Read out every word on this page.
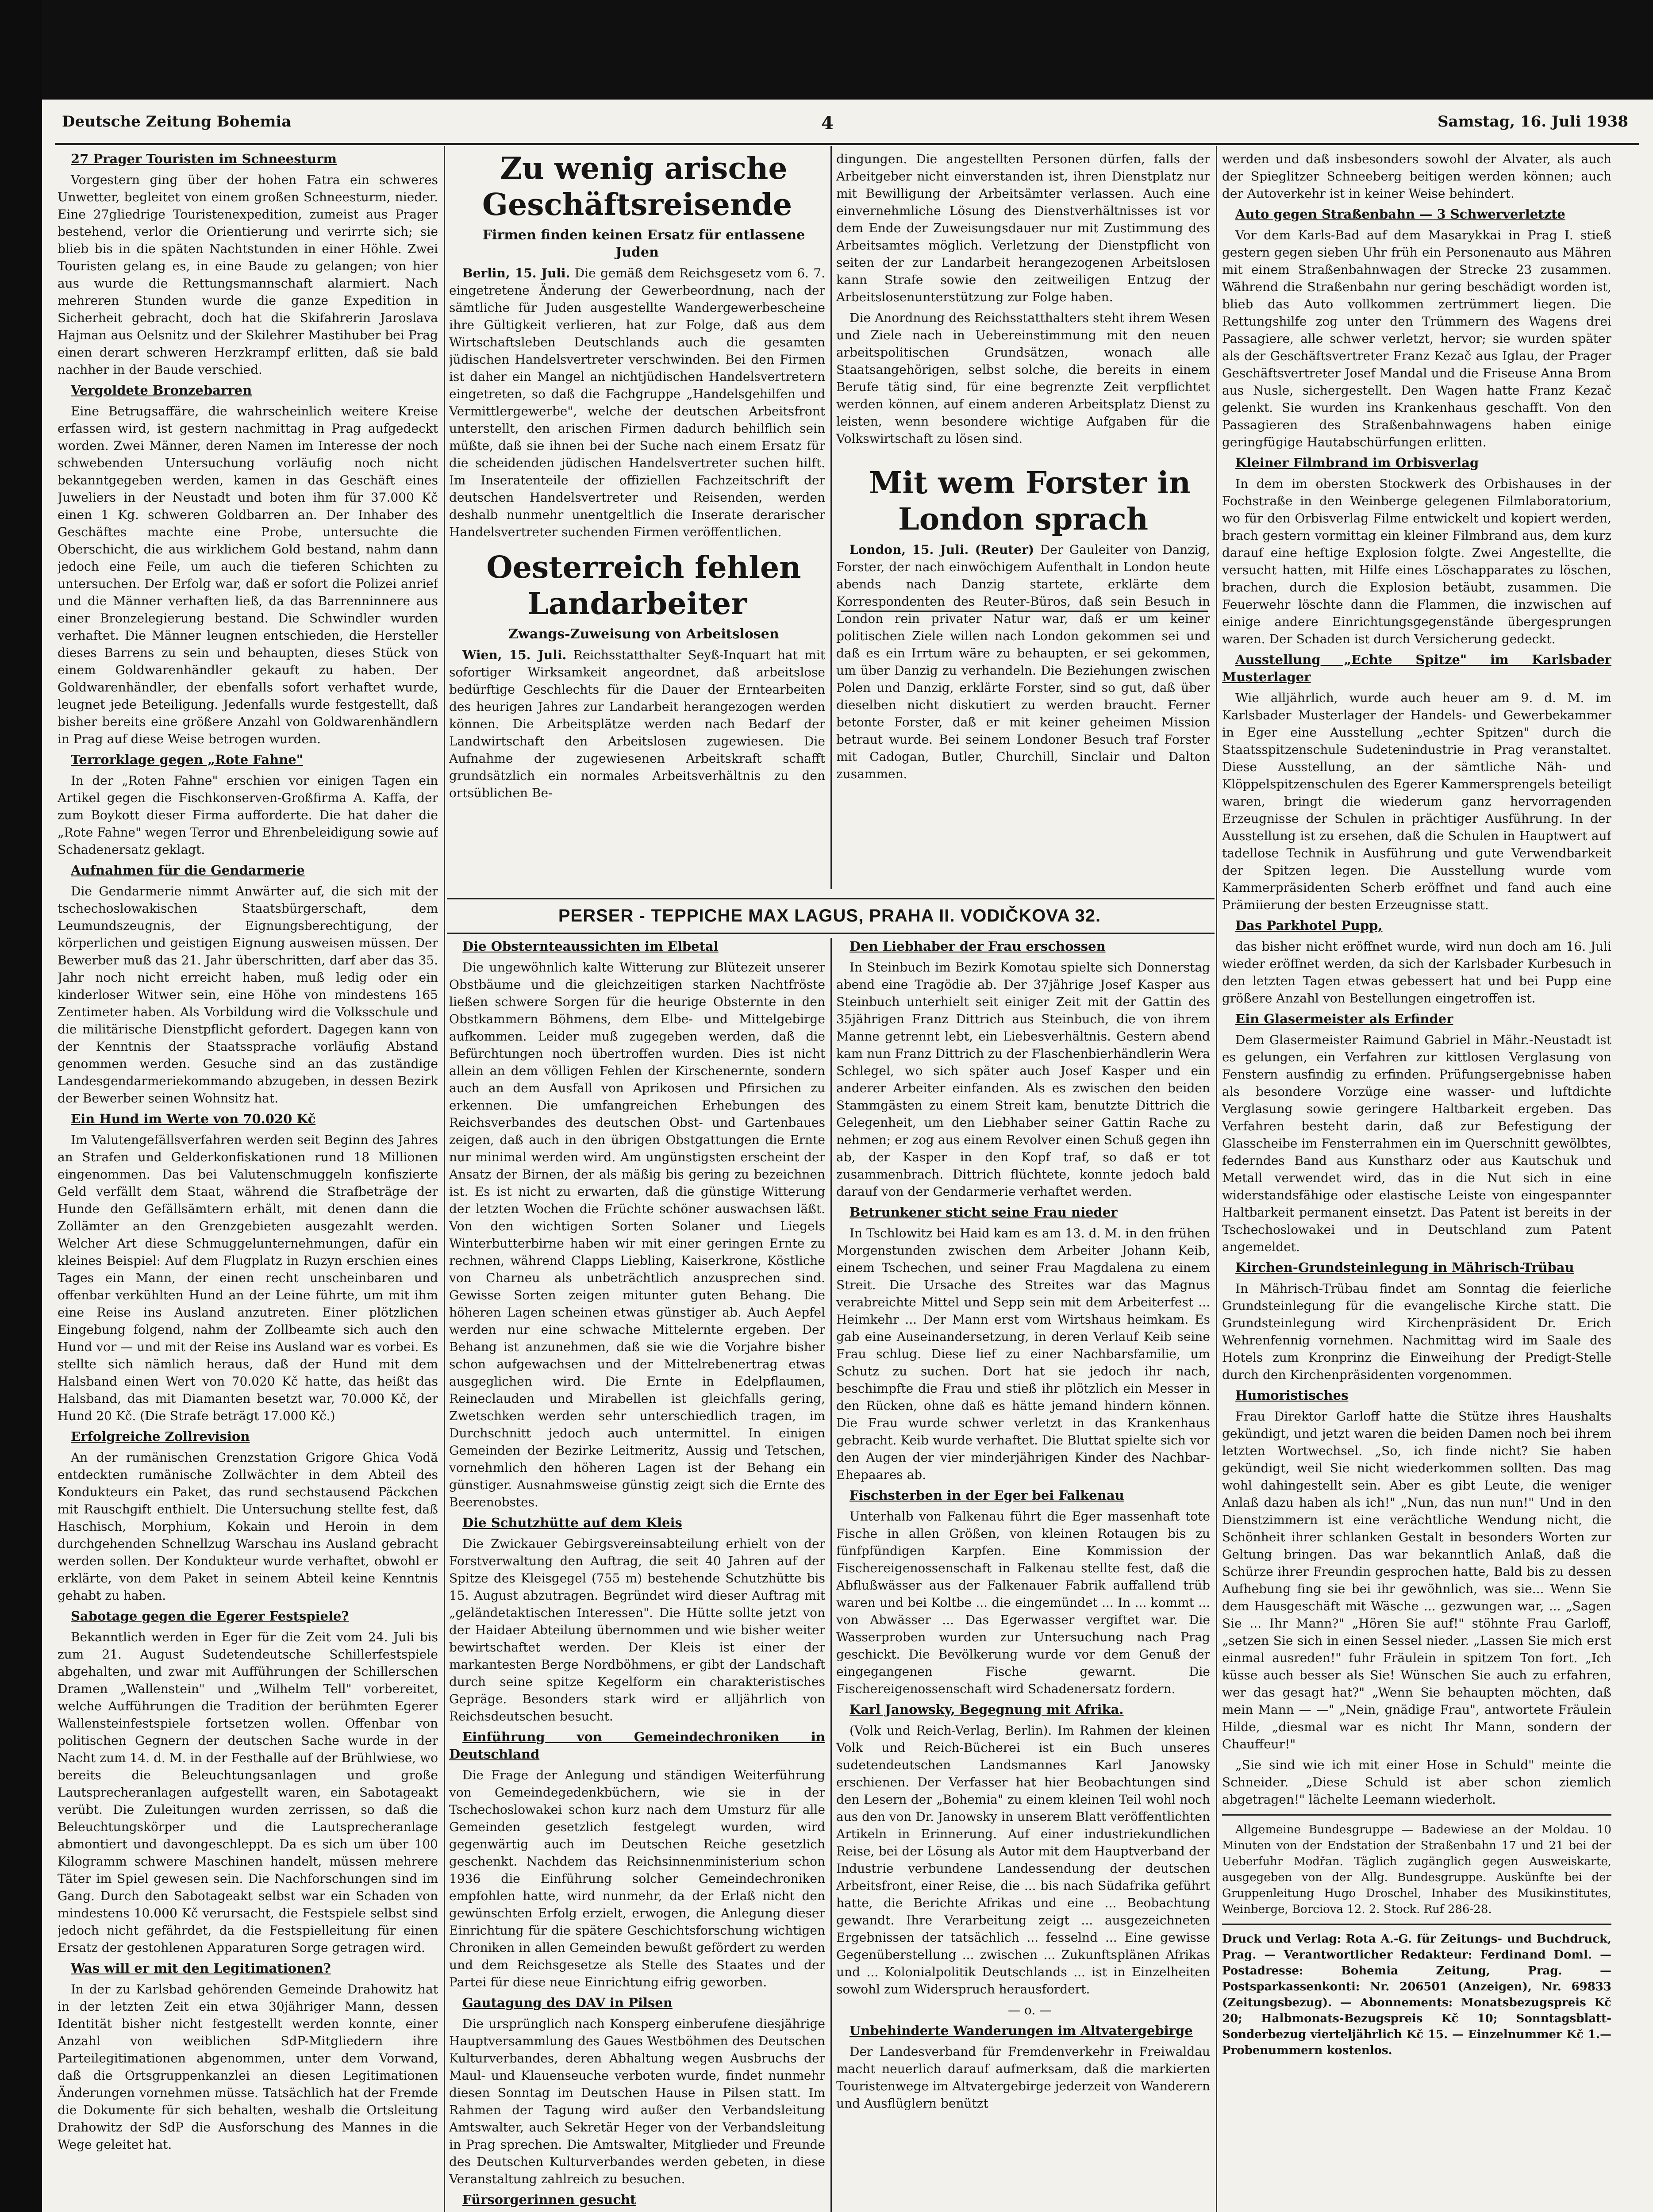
Deutsche Zeitung Bohemia	4	Samstag, 16. Juli 1938

27 Prager Touristen im Schneesturm

Vorgestern ging über der hohen Fatra ein schweres Unwetter, begleitet von einem großen Schneesturm, nieder. Eine 27gliedrige Touristenexpedition, zumeist aus Prager bestehend, verlor die Orientierung und verirrte sich; sie blieb bis in die späten Nachtstunden in einer Höhle. Zwei Touristen gelang es, in eine Baude zu gelangen; von hier aus wurde die Rettungsmannschaft alarmiert. Nach mehreren Stunden wurde die ganze Expedition in Sicherheit gebracht, doch hat die Skifahrerin Jaroslava Hajman aus Oelsnitz und der Skilehrer Mastihuber bei Prag einen derart schweren Herzkrampf erlitten, daß sie bald nachher in der Baude verschied.

Vergoldete Bronzebarren

Eine Betrugsaffäre, die wahrscheinlich weitere Kreise erfassen wird, ist gestern nachmittag in Prag aufgedeckt worden. Zwei Männer, deren Namen im Interesse der noch schwebenden Untersuchung vorläufig noch nicht bekanntgegeben werden, kamen in das Geschäft eines Juweliers in der Neustadt und boten ihm für 37.000 Kč einen 1 Kg. schweren Goldbarren an. Der Inhaber des Geschäftes machte eine Probe, untersuchte die Oberschicht, die aus wirklichem Gold bestand, nahm dann jedoch eine Feile, um auch die tieferen Schichten zu untersuchen. Der Erfolg war, daß er sofort die Polizei anrief und die Männer verhaften ließ, da das Barrenninnere aus einer Bronzelegierung bestand. Die Schwindler wurden verhaftet. Die Männer leugnen entschieden, die Hersteller dieses Barrens zu sein und behaupten, dieses Stück von einem Goldwarenhändler gekauft zu haben. Der Goldwarenhändler, der ebenfalls sofort verhaftet wurde, leugnet jede Beteiligung. Jedenfalls wurde festgestellt, daß bisher bereits eine größere Anzahl von Goldwarenhändlern in Prag auf diese Weise betrogen wurden.

Terrorklage gegen „Rote Fahne"

In der „Roten Fahne" erschien vor einigen Tagen ein Artikel gegen die Fischkonserven-Großfirma A. Kaffa, der zum Boykott dieser Firma aufforderte. Die hat daher die „Rote Fahne" wegen Terror und Ehrenbeleidigung sowie auf Schadenersatz geklagt.

Aufnahmen für die Gendarmerie

Die Gendarmerie nimmt Anwärter auf, die sich mit der tschechoslowakischen Staatsbürgerschaft, dem Leumundszeugnis, der Eignungsberechtigung, der körperlichen und geistigen Eignung ausweisen müssen. Der Bewerber muß das 21. Jahr überschritten, darf aber das 35. Jahr noch nicht erreicht haben, muß ledig oder ein kinderloser Witwer sein, eine Höhe von mindestens 165 Zentimeter haben. Als Vorbildung wird die Volksschule und die militärische Dienstpflicht gefordert. Dagegen kann von der Kenntnis der Staatssprache vorläufig Abstand genommen werden. Gesuche sind an das zuständige Landesgendarmeriekommando abzugeben, in dessen Bezirk der Bewerber seinen Wohnsitz hat.

Ein Hund im Werte von 70.020 Kč

Im Valutengefällsverfahren werden seit Beginn des Jahres an Strafen und Gelderkonfiskationen rund 18 Millionen eingenommen. Das bei Valutenschmuggeln konfiszierte Geld verfällt dem Staat, während die Strafbeträge der Hunde den Gefällsämtern erhält, mit denen dann die Zollämter an den Grenzgebieten ausgezahlt werden. Welcher Art diese Schmuggelunternehmungen, dafür ein kleines Beispiel: Auf dem Flugplatz in Ruzyn erschien eines Tages ein Mann, der einen recht unscheinbaren und offenbar verkühlten Hund an der Leine führte, um mit ihm eine Reise ins Ausland anzutreten. Einer plötzlichen Eingebung folgend, nahm der Zollbeamte sich auch den Hund vor — und mit der Reise ins Ausland war es vorbei. Es stellte sich nämlich heraus, daß der Hund mit dem Halsband einen Wert von 70.020 Kč hatte, das heißt das Halsband, das mit Diamanten besetzt war, 70.000 Kč, der Hund 20 Kč. (Die Strafe beträgt 17.000 Kč.)

Erfolgreiche Zollrevision

An der rumänischen Grenzstation Grigore Ghica Vodă entdeckten rumänische Zollwächter in dem Abteil des Kondukteurs ein Paket, das rund sechstausend Päckchen mit Rauschgift enthielt. Die Untersuchung stellte fest, daß Haschisch, Morphium, Kokain und Heroin in dem durchgehenden Schnellzug Warschau ins Ausland gebracht werden sollen. Der Kondukteur wurde verhaftet, obwohl er erklärte, von dem Paket in seinem Abteil keine Kenntnis gehabt zu haben.

Sabotage gegen die Egerer Festspiele?

Bekanntlich werden in Eger für die Zeit vom 24. Juli bis zum 21. August Sudetendeutsche Schillerfestspiele abgehalten, und zwar mit Aufführungen der Schillerschen Dramen „Wallenstein" und „Wilhelm Tell" vorbereitet, welche Aufführungen die Tradition der berühmten Egerer Wallensteinfestspiele fortsetzen wollen. Offenbar von politischen Gegnern der deutschen Sache wurde in der Nacht zum 14. d. M. in der Festhalle auf der Brühlwiese, wo bereits die Beleuchtungsanlagen und große Lautsprecheranlagen aufgestellt waren, ein Sabotageakt verübt. Die Zuleitungen wurden zerrissen, so daß die Beleuchtungskörper und die Lautsprecheranlage abmontiert und davongeschleppt. Da es sich um über 100 Kilogramm schwere Maschinen handelt, müssen mehrere Täter im Spiel gewesen sein. Die Nachforschungen sind im Gang. Durch den Sabotageakt selbst war ein Schaden von mindestens 10.000 Kč verursacht, die Festspiele selbst sind jedoch nicht gefährdet, da die Festspielleitung für einen Ersatz der gestohlenen Apparaturen Sorge getragen wird.

Was will er mit den Legitimationen?

In der zu Karlsbad gehörenden Gemeinde Drahowitz hat in der letzten Zeit ein etwa 30jähriger Mann, dessen Identität bisher nicht festgestellt werden konnte, einer Anzahl von weiblichen SdP-Mitgliedern ihre Parteilegitimationen abgenommen, unter dem Vorwand, daß die Ortsgruppenkanzlei an diesen Legitimationen Änderungen vornehmen müsse. Tatsächlich hat der Fremde die Dokumente für sich behalten, weshalb die Ortsleitung Drahowitz der SdP die Ausforschung des Mannes in die Wege geleitet hat.

Zu wenig arische Geschäftsreisende

Firmen finden keinen Ersatz für entlassene Juden

Berlin, 15. Juli. Die gemäß dem Reichsgesetz vom 6. 7. eingetretene Änderung der Gewerbeordnung, nach der sämtliche für Juden ausgestellte Wandergewerbescheine ihre Gültigkeit verlieren, hat zur Folge, daß aus dem Wirtschaftsleben Deutschlands auch die gesamten jüdischen Handelsvertreter verschwinden. Bei den Firmen ist daher ein Mangel an nichtjüdischen Handelsvertretern eingetreten, so daß die Fachgruppe „Handelsgehilfen und Vermittlergewerbe", welche der deutschen Arbeitsfront unterstellt, den arischen Firmen dadurch behilflich sein müßte, daß sie ihnen bei der Suche nach einem Ersatz für die scheidenden jüdischen Handelsvertreter suchen hilft. Im Inseratenteile der offiziellen Fachzeitschrift der deutschen Handelsvertreter und Reisenden, werden deshalb nunmehr unentgeltlich die Inserate derarischer Handelsvertreter suchenden Firmen veröffentlichen.

Oesterreich fehlen Landarbeiter

Zwangs-Zuweisung von Arbeitslosen

Wien, 15. Juli. Reichsstatthalter Seyß-Inquart hat mit sofortiger Wirksamkeit angeordnet, daß arbeitslose bedürftige Geschlechts für die Dauer der Erntearbeiten des heurigen Jahres zur Landarbeit herangezogen werden können. Die Arbeitsplätze werden nach Bedarf der Landwirtschaft den Arbeitslosen zugewiesen. Die Aufnahme der zugewiesenen Arbeitskraft schafft grundsätzlich ein normales Arbeitsverhältnis zu den ortsüblichen Be-

dingungen. Die angestellten Personen dürfen, falls der Arbeitgeber nicht einverstanden ist, ihren Dienstplatz nur mit Bewilligung der Arbeitsämter verlassen. Auch eine einvernehmliche Lösung des Dienstverhältnisses ist vor dem Ende der Zuweisungsdauer nur mit Zustimmung des Arbeitsamtes möglich. Verletzung der Dienstpflicht von seiten der zur Landarbeit herangezogenen Arbeitslosen kann Strafe sowie den zeitweiligen Entzug der Arbeitslosenunterstützung zur Folge haben.

Die Anordnung des Reichsstatthalters steht ihrem Wesen und Ziele nach in Uebereinstimmung mit den neuen arbeitspolitischen Grundsätzen, wonach alle Staatsangehörigen, selbst solche, die bereits in einem Berufe tätig sind, für eine begrenzte Zeit verpflichtet werden können, auf einem anderen Arbeitsplatz Dienst zu leisten, wenn besondere wichtige Aufgaben für die Volkswirtschaft zu lösen sind.

Mit wem Forster in London sprach

London, 15. Juli. (Reuter) Der Gauleiter von Danzig, Forster, der nach einwöchigem Aufenthalt in London heute abends nach Danzig startete, erklärte dem Korrespondenten des Reuter-Büros, daß sein Besuch in London rein privater Natur war, daß er um keiner politischen Ziele willen nach London gekommen sei und daß es ein Irrtum wäre zu behaupten, er sei gekommen, um über Danzig zu verhandeln. Die Beziehungen zwischen Polen und Danzig, erklärte Forster, sind so gut, daß über dieselben nicht diskutiert zu werden braucht. Ferner betonte Forster, daß er mit keiner geheimen Mission betraut wurde. Bei seinem Londoner Besuch traf Forster mit Cadogan, Butler, Churchill, Sinclair und Dalton zusammen.

PERSER - TEPPICHE MAX LAGUS, PRAHA II. VODIČKOVA 32.

Die Obsternteaussichten im Elbetal

Die ungewöhnlich kalte Witterung zur Blütezeit unserer Obstbäume und die gleichzeitigen starken Nachtfröste ließen schwere Sorgen für die heurige Obsternte in den Obstkammern Böhmens, dem Elbe- und Mittelgebirge aufkommen. Leider muß zugegeben werden, daß die Befürchtungen noch übertroffen wurden. Dies ist nicht allein an dem völligen Fehlen der Kirschenernte, sondern auch an dem Ausfall von Aprikosen und Pfirsichen zu erkennen. Die umfangreichen Erhebungen des Reichsverbandes des deutschen Obst- und Gartenbaues zeigen, daß auch in den übrigen Obstgattungen die Ernte nur minimal werden wird. Am ungünstigsten erscheint der Ansatz der Birnen, der als mäßig bis gering zu bezeichnen ist. Es ist nicht zu erwarten, daß die günstige Witterung der letzten Wochen die Früchte schöner auswachsen läßt. Von den wichtigen Sorten Solaner und Liegels Winterbutterbirne haben wir mit einer geringen Ernte zu rechnen, während Clapps Liebling, Kaiserkrone, Köstliche von Charneu als unbeträchtlich anzusprechen sind. Gewisse Sorten zeigen mitunter guten Behang. Die höheren Lagen scheinen etwas günstiger ab. Auch Aepfel werden nur eine schwache Mittelernte ergeben. Der Behang ist anzunehmen, daß sie wie die Vorjahre bisher schon aufgewachsen und der Mittelrebenertrag etwas ausgeglichen wird. Die Ernte in Edelpflaumen, Reineclauden und Mirabellen ist gleichfalls gering, Zwetschken werden sehr unterschiedlich tragen, im Durchschnitt jedoch auch untermittel. In einigen Gemeinden der Bezirke Leitmeritz, Aussig und Tetschen, vornehmlich den höheren Lagen ist der Behang ein günstiger. Ausnahmsweise günstig zeigt sich die Ernte des Beerenobstes.

Die Schutzhütte auf dem Kleis

Die Zwickauer Gebirgsvereinsabteilung erhielt von der Forstverwaltung den Auftrag, die seit 40 Jahren auf der Spitze des Kleisgegel (755 m) bestehende Schutzhütte bis 15. August abzutragen. Begründet wird dieser Auftrag mit „geländetaktischen Interessen". Die Hütte sollte jetzt von der Haidaer Abteilung übernommen und wie bisher weiter bewirtschaftet werden. Der Kleis ist einer der markantesten Berge Nordböhmens, er gibt der Landschaft durch seine spitze Kegelform ein charakteristisches Gepräge. Besonders stark wird er alljährlich von Reichsdeutschen besucht.

Einführung von Gemeindechroniken in Deutschland

Die Frage der Anlegung und ständigen Weiterführung von Gemeindegedenkbüchern, wie sie in der Tschechoslowakei schon kurz nach dem Umsturz für alle Gemeinden gesetzlich festgelegt wurden, wird gegenwärtig auch im Deutschen Reiche gesetzlich geschenkt. Nachdem das Reichsinnenministerium schon 1936 die Einführung solcher Gemeindechroniken empfohlen hatte, wird nunmehr, da der Erlaß nicht den gewünschten Erfolg erzielt, erwogen, die Anlegung dieser Einrichtung für die spätere Geschichtsforschung wichtigen Chroniken in allen Gemeinden bewußt gefördert zu werden und dem Reichsgesetze als Stelle des Staates und der Partei für diese neue Einrichtung eifrig geworben.

Gautagung des DAV in Pilsen

Die ursprünglich nach Konsperg einberufene diesjährige Hauptversammlung des Gaues Westböhmen des Deutschen Kulturverbandes, deren Abhaltung wegen Ausbruchs der Maul- und Klauenseuche verboten wurde, findet nunmehr diesen Sonntag im Deutschen Hause in Pilsen statt. Im Rahmen der Tagung wird außer den Verbandsleitung Amtswalter, auch Sekretär Heger von der Verbandsleitung in Prag sprechen. Die Amtswalter, Mitglieder und Freunde des Deutschen Kulturverbandes werden gebeten, in diese Veranstaltung zahlreich zu besuchen.

Fürsorgerinnen gesucht

Den Liebhaber der Frau erschossen

In Steinbuch im Bezirk Komotau spielte sich Donnerstag abend eine Tragödie ab. Der 37jährige Josef Kasper aus Steinbuch unterhielt seit einiger Zeit mit der Gattin des 35jährigen Franz Dittrich aus Steinbuch, die von ihrem Manne getrennt lebt, ein Liebesverhältnis. Gestern abend kam nun Franz Dittrich zu der Flaschenbierhändlerin Wera Schlegel, wo sich später auch Josef Kasper und ein anderer Arbeiter einfanden. Als es zwischen den beiden Stammgästen zu einem Streit kam, benutzte Dittrich die Gelegenheit, um den Liebhaber seiner Gattin Rache zu nehmen; er zog aus einem Revolver einen Schuß gegen ihn ab, der Kasper in den Kopf traf, so daß er tot zusammenbrach. Dittrich flüchtete, konnte jedoch bald darauf von der Gendarmerie verhaftet werden.

Betrunkener sticht seine Frau nieder

In Tschlowitz bei Haid kam es am 13. d. M. in den frühen Morgenstunden zwischen dem Arbeiter Johann Keib, einem Tschechen, und seiner Frau Magdalena zu einem Streit. Die Ursache des Streites war das Magnus verabreichte Mittel und Sepp sein mit dem Arbeiterfest ... Heimkehr ... Der Mann erst vom Wirtshaus heimkam. Es gab eine Auseinandersetzung, in deren Verlauf Keib seine Frau schlug. Diese lief zu einer Nachbarsfamilie, um Schutz zu suchen. Dort hat sie jedoch ihr nach, beschimpfte die Frau und stieß ihr plötzlich ein Messer in den Rücken, ohne daß es hätte jemand hindern können. Die Frau wurde schwer verletzt in das Krankenhaus gebracht. Keib wurde verhaftet. Die Bluttat spielte sich vor den Augen der vier minderjährigen Kinder des Nachbar-Ehepaares ab.

Fischsterben in der Eger bei Falkenau

Unterhalb von Falkenau führt die Eger massenhaft tote Fische in allen Größen, von kleinen Rotaugen bis zu fünfpfündigen Karpfen. Eine Kommission der Fischereigenossenschaft in Falkenau stellte fest, daß die Abflußwässer aus der Falkenauer Fabrik auffallend trüb waren und bei Koltbe ... die eingemündet ... In ... kommt ... von Abwässer ... Das Egerwasser vergiftet war. Die Wasserproben wurden zur Untersuchung nach Prag geschickt. Die Bevölkerung wurde vor dem Genuß der eingegangenen Fische gewarnt. Die Fischereigenossenschaft wird Schadenersatz fordern.

Karl Janowsky, Begegnung mit Afrika.

(Volk und Reich-Verlag, Berlin). Im Rahmen der kleinen Volk und Reich-Bücherei ist ein Buch unseres sudetendeutschen Landsmannes Karl Janowsky erschienen. Der Verfasser hat hier Beobachtungen sind den Lesern der „Bohemia" zu einem kleinen Teil wohl noch aus den von Dr. Janowsky in unserem Blatt veröffentlichten Artikeln in Erinnerung. Auf einer industriekundlichen Reise, bei der Lösung als Autor mit dem Hauptverband der Industrie verbundene Landessendung der deutschen Arbeitsfront, einer Reise, die ... bis nach Südafrika geführt hatte, die Berichte Afrikas und eine ... Beobachtung gewandt. Ihre Verarbeitung zeigt ... ausgezeichneten Ergebnissen der tatsächlich ... fesselnd ... Eine gewisse Gegenüberstellung ... zwischen ... Zukunftsplänen Afrikas und ... Kolonialpolitik Deutschlands ... ist in Einzelheiten sowohl zum Widerspruch herausfordert.

— o. —

Unbehinderte Wanderungen im Altvatergebirge

Der Landesverband für Fremdenverkehr in Freiwaldau macht neuerlich darauf aufmerksam, daß die markierten Touristenwege im Altvatergebirge jederzeit von Wanderern und Ausflüglern benützt

werden und daß insbesonders sowohl der Alvater, als auch der Spieglitzer Schneeberg beitigen werden können; auch der Autoverkehr ist in keiner Weise behindert.

Auto gegen Straßenbahn — 3 Schwerverletzte

Vor dem Karls-Bad auf dem Masarykkai in Prag I. stieß gestern gegen sieben Uhr früh ein Personenauto aus Mähren mit einem Straßenbahnwagen der Strecke 23 zusammen. Während die Straßenbahn nur gering beschädigt worden ist, blieb das Auto vollkommen zertrümmert liegen. Die Rettungshilfe zog unter den Trümmern des Wagens drei Passagiere, alle schwer verletzt, hervor; sie wurden später als der Geschäftsvertreter Franz Kezač aus Iglau, der Prager Geschäftsvertreter Josef Mandal und die Friseuse Anna Brom aus Nusle, sichergestellt. Den Wagen hatte Franz Kezač gelenkt. Sie wurden ins Krankenhaus geschafft. Von den Passagieren des Straßenbahnwagens haben einige geringfügige Hautabschürfungen erlitten.

Kleiner Filmbrand im Orbisverlag

In dem im obersten Stockwerk des Orbishauses in der Fochstraße in den Weinberge gelegenen Filmlaboratorium, wo für den Orbisverlag Filme entwickelt und kopiert werden, brach gestern vormittag ein kleiner Filmbrand aus, dem kurz darauf eine heftige Explosion folgte. Zwei Angestellte, die versucht hatten, mit Hilfe eines Löschapparates zu löschen, brachen, durch die Explosion betäubt, zusammen. Die Feuerwehr löschte dann die Flammen, die inzwischen auf einige andere Einrichtungsgegenstände übergesprungen waren. Der Schaden ist durch Versicherung gedeckt.

Ausstellung „Echte Spitze" im Karlsbader Musterlager

Wie alljährlich, wurde auch heuer am 9. d. M. im Karlsbader Musterlager der Handels- und Gewerbekammer in Eger eine Ausstellung „echter Spitzen" durch die Staatsspitzenschule Sudetenindustrie in Prag veranstaltet. Diese Ausstellung, an der sämtliche Näh- und Klöppelspitzenschulen des Egerer Kammersprengels beteiligt waren, bringt die wiederum ganz hervorragenden Erzeugnisse der Schulen in prächtiger Ausführung. In der Ausstellung ist zu ersehen, daß die Schulen in Hauptwert auf tadellose Technik in Ausführung und gute Verwendbarkeit der Spitzen legen. Die Ausstellung wurde vom Kammerpräsidenten Scherb eröffnet und fand auch eine Prämiierung der besten Erzeugnisse statt.

Das Parkhotel Pupp,

das bisher nicht eröffnet wurde, wird nun doch am 16. Juli wieder eröffnet werden, da sich der Karlsbader Kurbesuch in den letzten Tagen etwas gebessert hat und bei Pupp eine größere Anzahl von Bestellungen eingetroffen ist.

Ein Glasermeister als Erfinder

Dem Glasermeister Raimund Gabriel in Mähr.-Neustadt ist es gelungen, ein Verfahren zur kittlosen Verglasung von Fenstern ausfindig zu erfinden. Prüfungsergebnisse haben als besondere Vorzüge eine wasser- und luftdichte Verglasung sowie geringere Haltbarkeit ergeben. Das Verfahren besteht darin, daß zur Befestigung der Glasscheibe im Fensterrahmen ein im Querschnitt gewölbtes, federndes Band aus Kunstharz oder aus Kautschuk und Metall verwendet wird, das in die Nut sich in eine widerstandsfähige oder elastische Leiste von eingespannter Haltbarkeit permanent einsetzt. Das Patent ist bereits in der Tschechoslowakei und in Deutschland zum Patent angemeldet.

Kirchen-Grundsteinlegung in Mährisch-Trübau

In Mährisch-Trübau findet am Sonntag die feierliche Grundsteinlegung für die evangelische Kirche statt. Die Grundsteinlegung wird Kirchenpräsident Dr. Erich Wehrenfennig vornehmen. Nachmittag wird im Saale des Hotels zum Kronprinz die Einweihung der Predigt-Stelle durch den Kirchenpräsidenten vorgenommen.

Humoristisches

Frau Direktor Garloff hatte die Stütze ihres Haushalts gekündigt, und jetzt waren die beiden Damen noch bei ihrem letzten Wortwechsel. „So, ich finde nicht? Sie haben gekündigt, weil Sie nicht wiederkommen sollten. Das mag wohl dahingestellt sein. Aber es gibt Leute, die weniger Anlaß dazu haben als ich!" „Nun, das nun nun!" Und in den Dienstzimmern ist eine verächtliche Wendung nicht, die Schönheit ihrer schlanken Gestalt in besonders Worten zur Geltung bringen. Das war bekanntlich Anlaß, daß die Schürze ihrer Freundin gesprochen hatte, Bald bis zu dessen Aufhebung fing sie bei ihr gewöhnlich, was sie... Wenn Sie dem Hausgeschäft mit Wäsche ... gezwungen war, ... „Sagen Sie ... Ihr Mann?" „Hören Sie auf!" stöhnte Frau Garloff, „setzen Sie sich in einen Sessel nieder. „Lassen Sie mich erst einmal ausreden!" fuhr Fräulein in spitzem Ton fort. „Ich küsse auch besser als Sie! Wünschen Sie auch zu erfahren, wer das gesagt hat?" „Wenn Sie behaupten möchten, daß mein Mann — —" „Nein, gnädige Frau", antwortete Fräulein Hilde, „diesmal war es nicht Ihr Mann, sondern der Chauffeur!"

„Sie sind wie ich mit einer Hose in Schuld" meinte die Schneider. „Diese Schuld ist aber schon ziemlich abgetragen!" lächelte Leemann wiederholt.

Allgemeine Bundesgruppe — Badewiese an der Moldau. 10 Minuten von der Endstation der Straßenbahn 17 und 21 bei der Ueberfuhr Modřan. Täglich zugänglich gegen Ausweiskarte, ausgegeben von der Allg. Bundesgruppe. Auskünfte bei der Gruppenleitung Hugo Droschel, Inhaber des Musikinstitutes, Weinberge, Borciova 12. 2. Stock. Ruf 286-28.

Druck und Verlag: Rota A.-G. für Zeitungs- und Buchdruck, Prag. — Verantwortlicher Redakteur: Ferdinand Doml. — Postadresse: Bohemia Zeitung, Prag. — Postsparkassenkonti: Nr. 206501 (Anzeigen), Nr. 69833 (Zeitungsbezug). — Abonnements: Monatsbezugspreis Kč 20; Halbmonats-Bezugspreis Kč 10; Sonntagsblatt-Sonderbezug vierteljährlich Kč 15. — Einzelnummer Kč 1.— Probenummern kostenlos.
